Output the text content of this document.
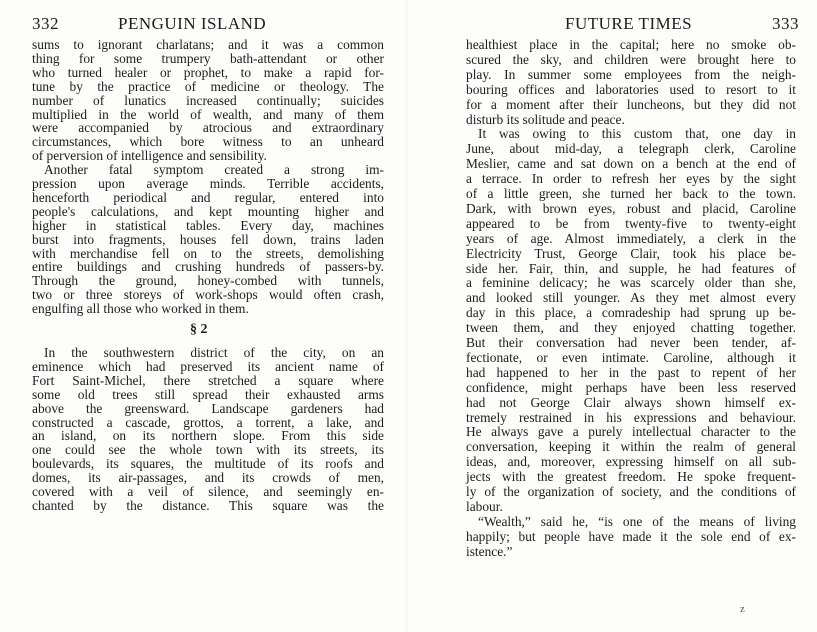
332	PENGUIN ISLAND
sums to ignorant charlatans; and it was a common
thing for some trumpery bath-attendant or other
who turned healer or prophet, to make a rapid for-
tune by the practice of medicine or theology. The
number of lunatics increased continually; suicides
multiplied in the world of wealth, and many of them
were accompanied by atrocious and extraordinary
circumstances, which bore witness to an unheard
of perversion of intelligence and sensibility.
Another fatal symptom created a strong im-
pression upon average minds. Terrible accidents,
henceforth periodical and regular, entered into
people's calculations, and kept mounting higher and
higher in statistical tables. Every day, machines
burst into fragments, houses fell down, trains laden
with merchandise fell on to the streets, demolishing
entire buildings and crushing hundreds of passers-by.
Through the ground, honey-combed with tunnels,
two or three storeys of work-shops would often crash,
engulfing all those who worked in them.
§ 2
In the southwestern district of the city, on an
eminence which had preserved its ancient name of
Fort Saint-Michel, there stretched a square where
some old trees still spread their exhausted arms
above the greensward. Landscape gardeners had
constructed a cascade, grottos, a torrent, a lake, and
an island, on its northern slope. From this side
one could see the whole town with its streets, its
boulevards, its squares, the multitude of its roofs and
domes, its air-passages, and its crowds of men,
covered with a veil of silence, and seemingly en-
chanted by the distance. This square was the
FUTURE TIMES	333
z
healthiest place in the capital; here no smoke ob-
scured the sky, and children were brought here to
play. In summer some employees from the neigh-
bouring offices and laboratories used to resort to it
for a moment after their luncheons, but they did not
disturb its solitude and peace.
It was owing to this custom that, one day in
June, about mid-day, a telegraph clerk, Caroline
Meslier, came and sat down on a bench at the end of
a terrace. In order to refresh her eyes by the sight
of a little green, she turned her back to the town.
Dark, with brown eyes, robust and placid, Caroline
appeared to be from twenty-five to twenty-eight
years of age. Almost immediately, a clerk in the
Electricity Trust, George Clair, took his place be-
side her. Fair, thin, and supple, he had features of
a feminine delicacy; he was scarcely older than she,
and looked still younger. As they met almost every
day in this place, a comradeship had sprung up be-
tween them, and they enjoyed chatting together.
But their conversation had never been tender, af-
fectionate, or even intimate. Caroline, although it
had happened to her in the past to repent of her
confidence, might perhaps have been less reserved
had not George Clair always shown himself ex-
tremely restrained in his expressions and behaviour.
He always gave a purely intellectual character to the
conversation, keeping it within the realm of general
ideas, and, moreover, expressing himself on all sub-
jects with the greatest freedom. He spoke frequent-
ly of the organization of society, and the conditions of
labour.
“Wealth,” said he, “is one of the means of living
happily; but people have made it the sole end of ex-
istence.”
